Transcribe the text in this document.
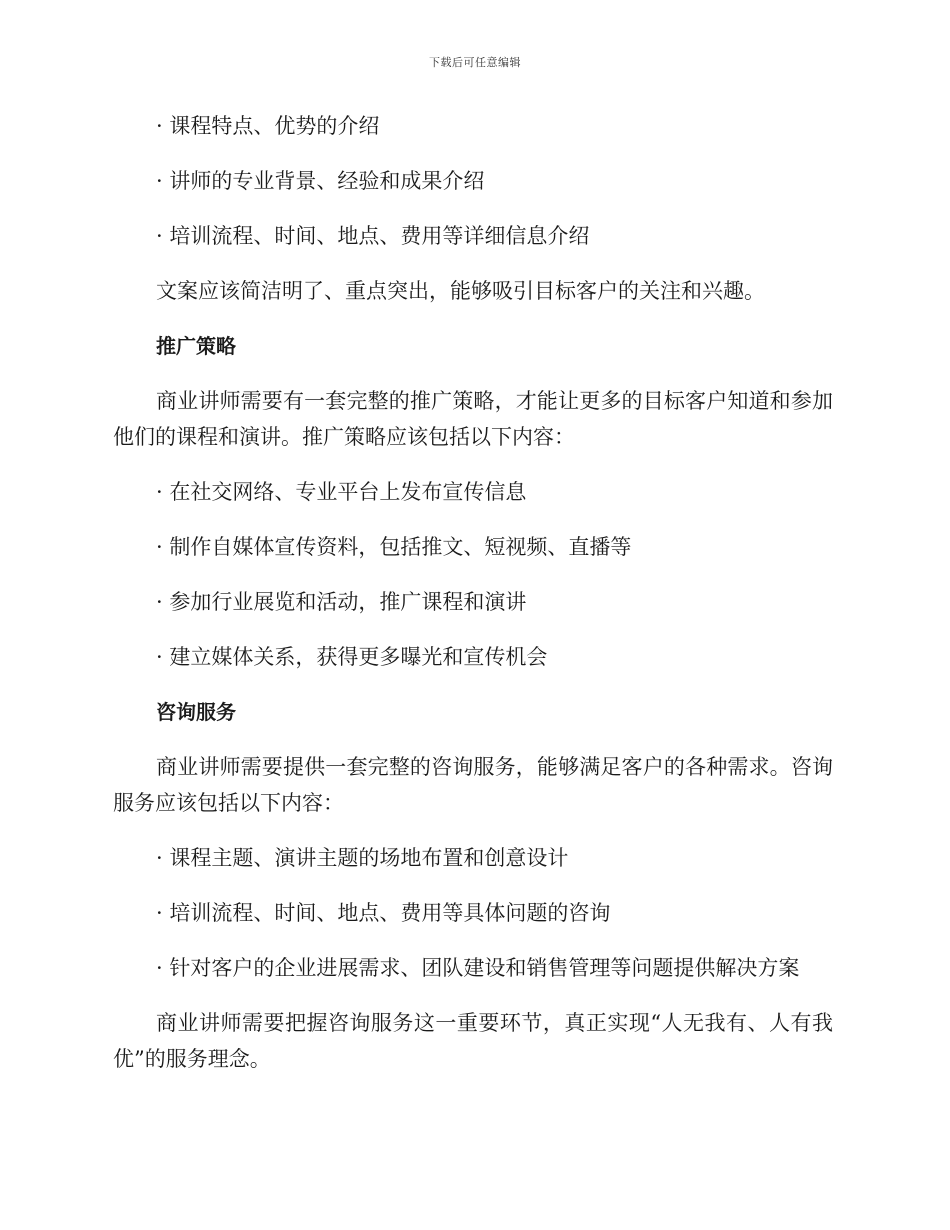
下载后可任意编辑

· 课程特点、优势的介绍

· 讲师的专业背景、经验和成果介绍

· 培训流程、时间、地点、费用等详细信息介绍

文案应该简洁明了、重点突出，能够吸引目标客户的关注和兴趣。

推广策略

商业讲师需要有一套完整的推广策略，才能让更多的目标客户知道和参加他们的课程和演讲。推广策略应该包括以下内容：

· 在社交网络、专业平台上发布宣传信息

· 制作自媒体宣传资料，包括推文、短视频、直播等

· 参加行业展览和活动，推广课程和演讲

· 建立媒体关系，获得更多曝光和宣传机会

咨询服务

商业讲师需要提供一套完整的咨询服务，能够满足客户的各种需求。咨询服务应该包括以下内容：

· 课程主题、演讲主题的场地布置和创意设计

· 培训流程、时间、地点、费用等具体问题的咨询

· 针对客户的企业进展需求、团队建设和销售管理等问题提供解决方案

商业讲师需要把握咨询服务这一重要环节，真正实现“人无我有、人有我优”的服务理念。
